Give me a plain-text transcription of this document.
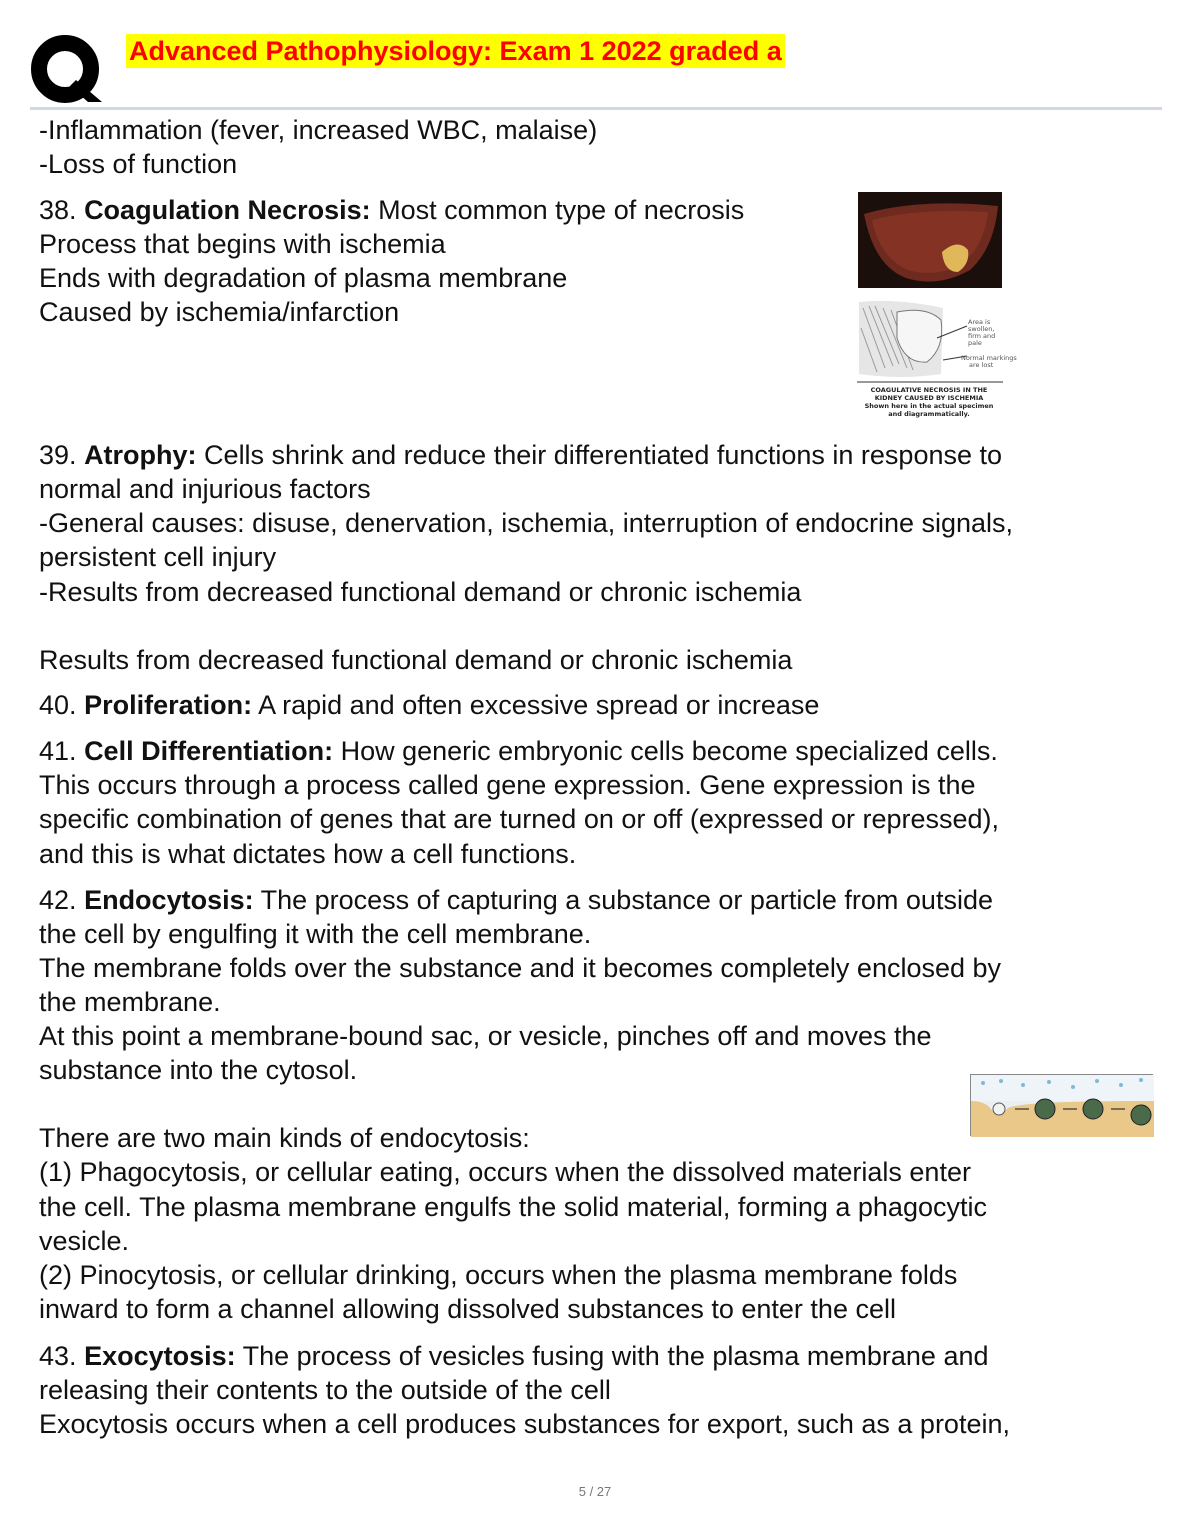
Advanced Pathophysiology: Exam 1 2022 graded a
-Inflammation (fever, increased WBC, malaise)
-Loss of function
38. Coagulation Necrosis: Most common type of necrosis
Process that begins with ischemia
Ends with degradation of plasma membrane
Caused by ischemia/infarction	Area is
swollen,
firm and
pale
Normal markings
are lost
COAGULATIVE NECROSIS IN THE
KIDNEY CAUSED BY ISCHEMIA
Shown here in the actual specimen
and diagrammatically.
39. Atrophy: Cells shrink and reduce their differentiated functions in response to
normal and injurious factors
-General causes: disuse, denervation, ischemia, interruption of endocrine signals,
persistent cell injury
-Results from decreased functional demand or chronic ischemia
Results from decreased functional demand or chronic ischemia
40. Proliferation: A rapid and often excessive spread or increase
41. Cell Differentiation: How generic embryonic cells become specialized cells.
This occurs through a process called gene expression. Gene expression is the
specific combination of genes that are turned on or off (expressed or repressed),
and this is what dictates how a cell functions.
42. Endocytosis: The process of capturing a substance or particle from outside
the cell by engulfing it with the cell membrane.
The membrane folds over the substance and it becomes completely enclosed by
the membrane.
At this point a membrane-bound sac, or vesicle, pinches off and moves the
substance into the cytosol.
There are two main kinds of endocytosis:
(1) Phagocytosis, or cellular eating, occurs when the dissolved materials enter
the cell. The plasma membrane engulfs the solid material, forming a phagocytic
vesicle.
(2) Pinocytosis, or cellular drinking, occurs when the plasma membrane folds
inward to form a channel allowing dissolved substances to enter the cell
43. Exocytosis: The process of vesicles fusing with the plasma membrane and
releasing their contents to the outside of the cell
Exocytosis occurs when a cell produces substances for export, such as a protein,
5 / 27
